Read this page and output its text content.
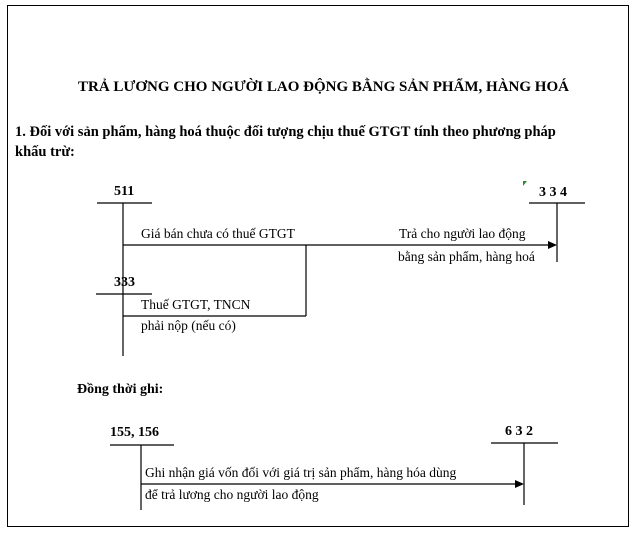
TRẢ LƯƠNG CHO NGƯỜI LAO ĐỘNG BẰNG SẢN PHẨM, HÀNG HOÁ
1. Đối với sản phẩm, hàng hoá thuộc đối tượng chịu thuế GTGT tính theo phương pháp
khấu trừ:
511	3 3 4
333
Giá bán chưa có thuế GTGT	Trả cho người lao động
bằng sản phẩm, hàng hoá
Thuế GTGT, TNCN
phải nộp (nếu có)
Đồng thời ghi:
155, 156	6 3 2
Ghi nhận giá vốn đối với giá trị sản phẩm, hàng hóa dùng
để trả lương cho người lao động
